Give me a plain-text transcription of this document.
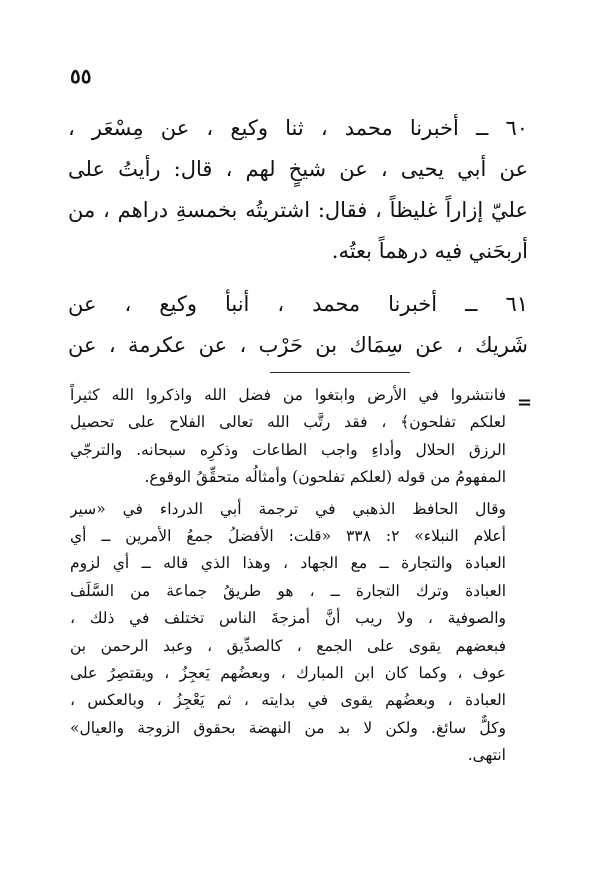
٥٥
٦٠ ــ أخبرنا محمد ، ثنا وكيع ، عن مِسْعَر ،
عن أبي يحيى ، عن شيخٍ لهم ، قال: رأيتُ على
عليّ إزاراً غليظاً ، فقال: اشتريتُه بخمسةِ دراهم ، من
أربحَني فيه درهماً بعتُه.
٦١ ــ أخبرنا محمد ، أنبأ وكيع ، عن
شَريك ، عن سِمَاك بن حَرْب ، عن عكرمة ، عن
=
فانتشروا في الأرض وابتغوا من فضل الله واذكروا الله كثيراً
لعلكم تفلحون﴾ ، فقد رتَّب الله تعالى الفلاح على تحصيل
الرزق الحلال وأداءِ واجب الطاعات وذكرِه سبحانه. والترجّي
المفهومُ من قوله (لعلكم تفلحون) وأمثالُه متحقِّقُ الوقوع.
وقال الحافظ الذهبي في ترجمة أبي الدرداء في «سير
أعلام النبلاء» ٢: ٣٣٨ «قلت: الأفضلُ جمعُ الأمرين ــ أي
العبادة والتجارة ــ مع الجهاد ، وهذا الذي قاله ــ أي لزوم
العبادة وترك التجارة ــ ، هو طريقُ جماعة من السَّلَف
والصوفية ، ولا ريب أنَّ أمزجةَ الناس تختلف في ذلك ،
فبعضهم يقوى على الجمع ، كالصدِّيق ، وعبد الرحمن بن
عوف ، وكما كان ابن المبارك ، وبعضُهم يَعجِزُ ، ويقتصِرُ على
العبادة ، وبعضُهم يقوى في بدايته ، ثم يَعْجِزُ ، وبالعكس ،
وكلٌّ سائغ. ولكن لا بد من النهضة بحقوق الزوجة والعيال»
انتهى.
